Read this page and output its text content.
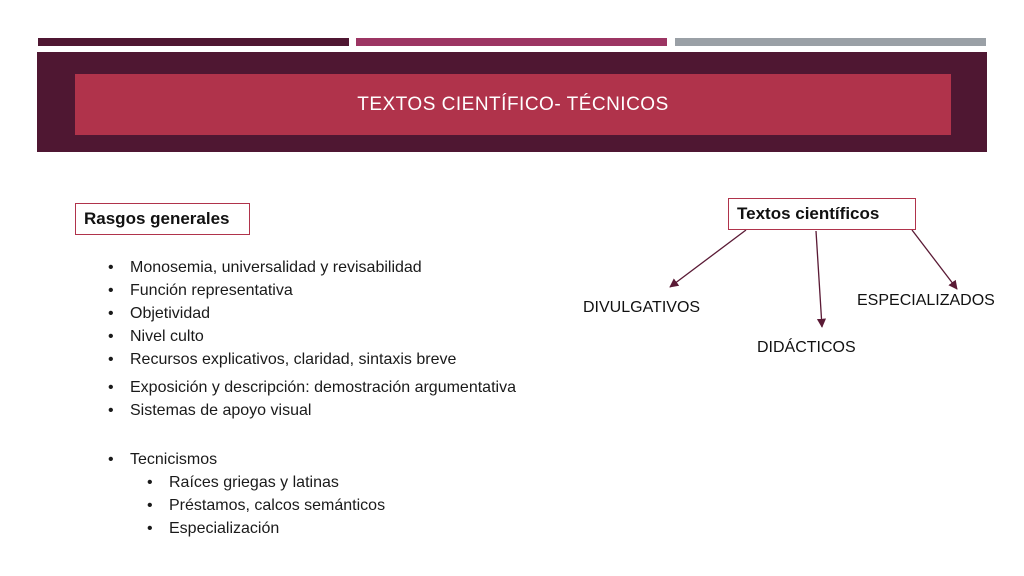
TEXTOS CIENTÍFICO- TÉCNICOS
Rasgos generales
• Monosemia, universalidad y revisabilidad
• Función representativa
• Objetividad
• Nivel culto
• Recursos explicativos, claridad, sintaxis breve
• Exposición y descripción: demostración argumentativa
• Sistemas de apoyo visual
• Tecnicismos
• Raíces griegas y latinas
• Préstamos, calcos semánticos
• Especialización
Textos científicos
DIVULGATIVOS
DIDÁCTICOS
ESPECIALIZADOS
